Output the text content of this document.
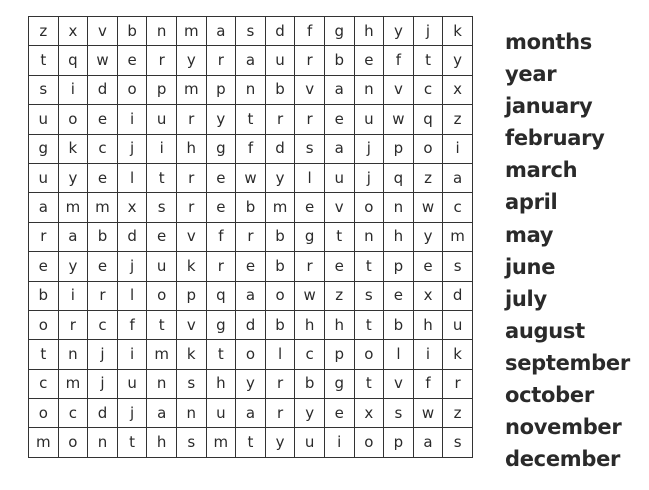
z	x	v	b	n	m	a	s	d	f	g	h	y	j	k
t	q	w	e	r	y	r	a	u	r	b	e	f	t	y
s	i	d	o	p	m	p	n	b	v	a	n	v	c	x
u	o	e	i	u	r	y	t	r	r	e	u	w	q	z
g	k	c	j	i	h	g	f	d	s	a	j	p	o	i
u	y	e	l	t	r	e	w	y	l	u	j	q	z	a
a	m	m	x	s	r	e	b	m	e	v	o	n	w	c
r	a	b	d	e	v	f	r	b	g	t	n	h	y	m
e	y	e	j	u	k	r	e	b	r	e	t	p	e	s
b	i	r	l	o	p	q	a	o	w	z	s	e	x	d
o	r	c	f	t	v	g	d	b	h	h	t	b	h	u
t	n	j	i	m	k	t	o	l	c	p	o	l	i	k
c	m	j	u	n	s	h	y	r	b	g	t	v	f	r
o	c	d	j	a	n	u	a	r	y	e	x	s	w	z
m	o	n	t	h	s	m	t	y	u	i	o	p	a	s
months
year
january
february
march
april
may
june
july
august
september
october
november
december
